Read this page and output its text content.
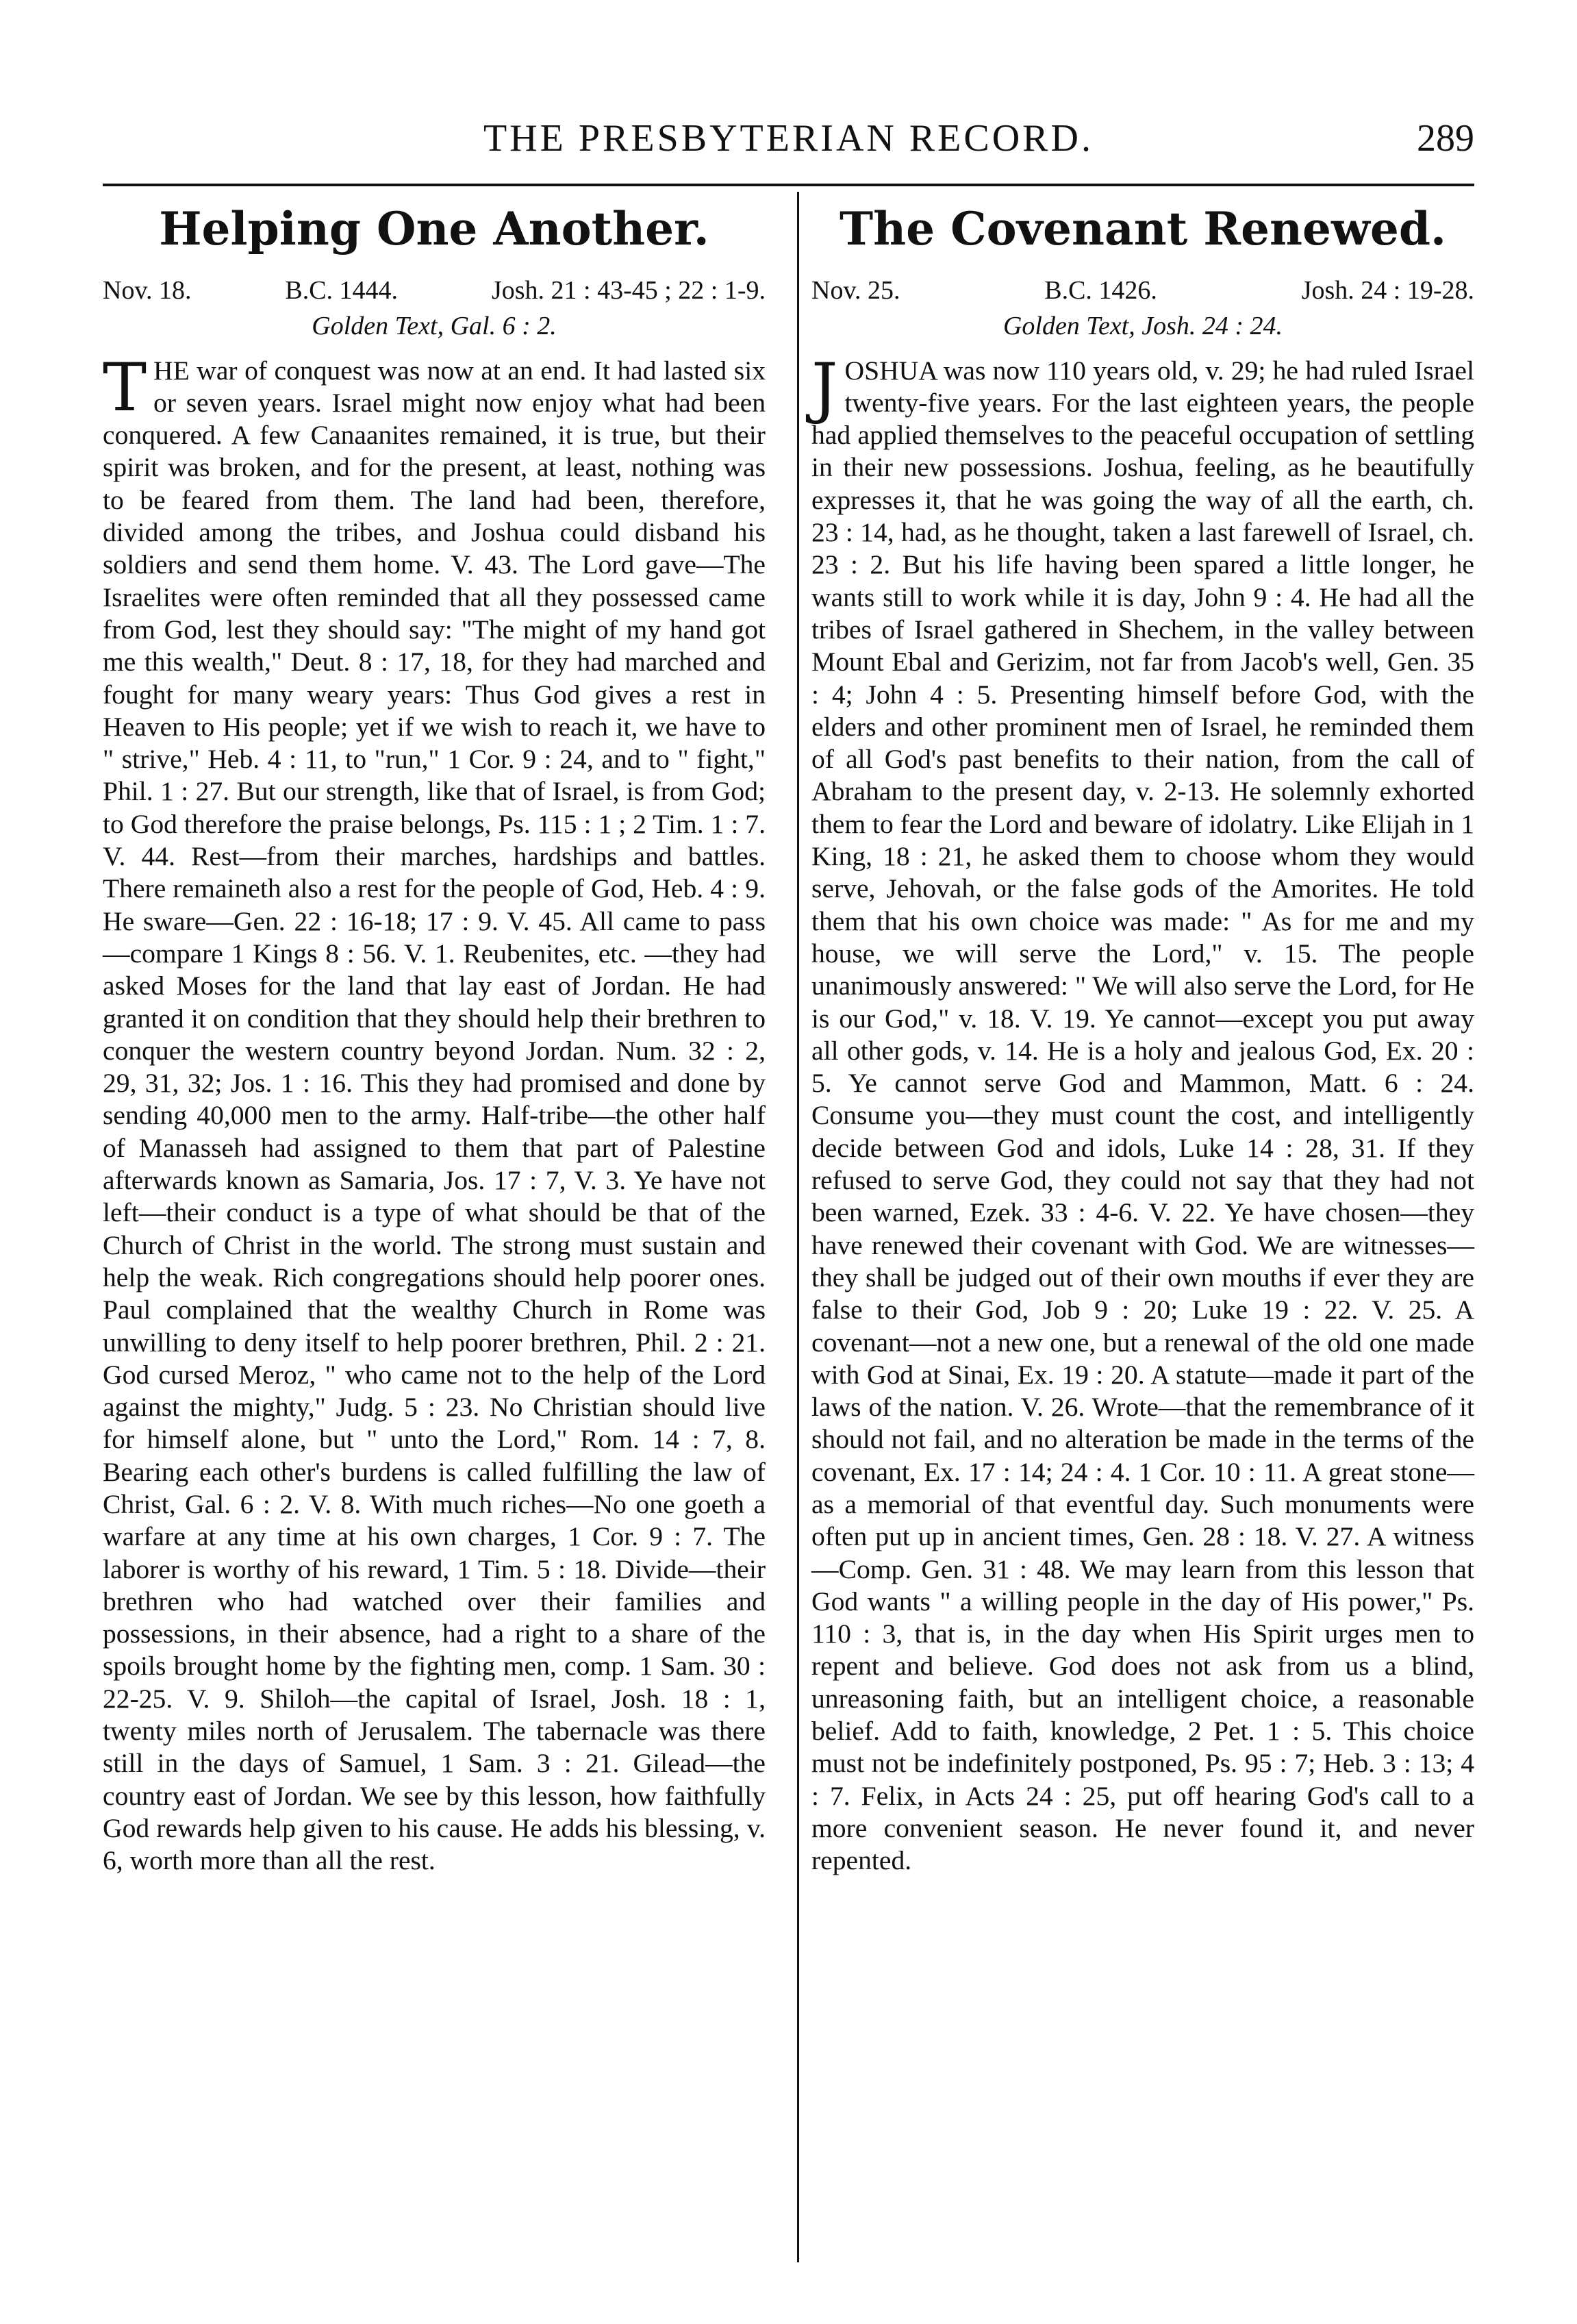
THE PRESBYTERIAN RECORD.	289
Helping One Another.
Nov. 18.	B.C. 1444.	Josh. 21 : 43-45 ; 22 : 1-9.
Golden Text, Gal. 6 : 2.
THE war of conquest was now at an end. It had lasted six or seven years. Israel might now enjoy what had been conquered. A few Canaanites remained, it is true, but their spirit was broken, and for the present, at least, nothing was to be feared from them. The land had been, therefore, divided among the tribes, and Joshua could disband his soldiers and send them home. V. 43. The Lord gave—The Israelites were often reminded that all they possessed came from God, lest they should say: "The might of my hand got me this wealth," Deut. 8 : 17, 18, for they had marched and fought for many weary years: Thus God gives a rest in Heaven to His people; yet if we wish to reach it, we have to " strive," Heb. 4 : 11, to "run," 1 Cor. 9 : 24, and to " fight," Phil. 1 : 27. But our strength, like that of Israel, is from God; to God therefore the praise belongs, Ps. 115 : 1 ; 2 Tim. 1 : 7. V. 44. Rest—from their marches, hardships and battles. There remaineth also a rest for the people of God, Heb. 4 : 9. He sware—Gen. 22 : 16-18; 17 : 9. V. 45. All came to pass—compare 1 Kings 8 : 56. V. 1. Reubenites, etc. —they had asked Moses for the land that lay east of Jordan. He had granted it on condition that they should help their brethren to conquer the western country beyond Jordan. Num. 32 : 2, 29, 31, 32; Jos. 1 : 16. This they had promised and done by sending 40,000 men to the army. Half-tribe—the other half of Manasseh had assigned to them that part of Palestine afterwards known as Samaria, Jos. 17 : 7, V. 3. Ye have not left—their conduct is a type of what should be that of the Church of Christ in the world. The strong must sustain and help the weak. Rich congregations should help poorer ones. Paul complained that the wealthy Church in Rome was unwilling to deny itself to help poorer brethren, Phil. 2 : 21. God cursed Meroz, " who came not to the help of the Lord against the mighty," Judg. 5 : 23. No Christian should live for himself alone, but " unto the Lord," Rom. 14 : 7, 8. Bearing each other's burdens is called fulfilling the law of Christ, Gal. 6 : 2. V. 8. With much riches—No one goeth a warfare at any time at his own charges, 1 Cor. 9 : 7. The laborer is worthy of his reward, 1 Tim. 5 : 18. Divide—their brethren who had watched over their families and possessions, in their absence, had a right to a share of the spoils brought home by the fighting men, comp. 1 Sam. 30 : 22-25. V. 9. Shiloh—the capital of Israel, Josh. 18 : 1, twenty miles north of Jerusalem. The tabernacle was there still in the days of Samuel, 1 Sam. 3 : 21. Gilead—the country east of Jordan. We see by this lesson, how faithfully God rewards help given to his cause. He adds his blessing, v. 6, worth more than all the rest.
The Covenant Renewed.
Nov. 25.	B.C. 1426.	Josh. 24 : 19-28.
Golden Text, Josh. 24 : 24.
JOSHUA was now 110 years old, v. 29; he had ruled Israel twenty-five years. For the last eighteen years, the people had applied themselves to the peaceful occupation of settling in their new possessions. Joshua, feeling, as he beautifully expresses it, that he was going the way of all the earth, ch. 23 : 14, had, as he thought, taken a last farewell of Israel, ch. 23 : 2. But his life having been spared a little longer, he wants still to work while it is day, John 9 : 4. He had all the tribes of Israel gathered in Shechem, in the valley between Mount Ebal and Gerizim, not far from Jacob's well, Gen. 35 : 4; John 4 : 5. Presenting himself before God, with the elders and other prominent men of Israel, he reminded them of all God's past benefits to their nation, from the call of Abraham to the present day, v. 2-13. He solemnly exhorted them to fear the Lord and beware of idolatry. Like Elijah in 1 King, 18 : 21, he asked them to choose whom they would serve, Jehovah, or the false gods of the Amorites. He told them that his own choice was made: " As for me and my house, we will serve the Lord," v. 15. The people unanimously answered: " We will also serve the Lord, for He is our God," v. 18. V. 19. Ye cannot—except you put away all other gods, v. 14. He is a holy and jealous God, Ex. 20 : 5. Ye cannot serve God and Mammon, Matt. 6 : 24. Consume you—they must count the cost, and intelligently decide between God and idols, Luke 14 : 28, 31. If they refused to serve God, they could not say that they had not been warned, Ezek. 33 : 4-6. V. 22. Ye have chosen—they have renewed their covenant with God. We are witnesses—they shall be judged out of their own mouths if ever they are false to their God, Job 9 : 20; Luke 19 : 22. V. 25. A covenant—not a new one, but a renewal of the old one made with God at Sinai, Ex. 19 : 20. A statute—made it part of the laws of the nation. V. 26. Wrote—that the remembrance of it should not fail, and no alteration be made in the terms of the covenant, Ex. 17 : 14; 24 : 4. 1 Cor. 10 : 11. A great stone—as a memorial of that eventful day. Such monuments were often put up in ancient times, Gen. 28 : 18. V. 27. A witness—Comp. Gen. 31 : 48. We may learn from this lesson that God wants " a willing people in the day of His power," Ps. 110 : 3, that is, in the day when His Spirit urges men to repent and believe. God does not ask from us a blind, unreasoning faith, but an intelligent choice, a reasonable belief. Add to faith, knowledge, 2 Pet. 1 : 5. This choice must not be indefinitely postponed, Ps. 95 : 7; Heb. 3 : 13; 4 : 7. Felix, in Acts 24 : 25, put off hearing God's call to a more convenient season. He never found it, and never repented.
